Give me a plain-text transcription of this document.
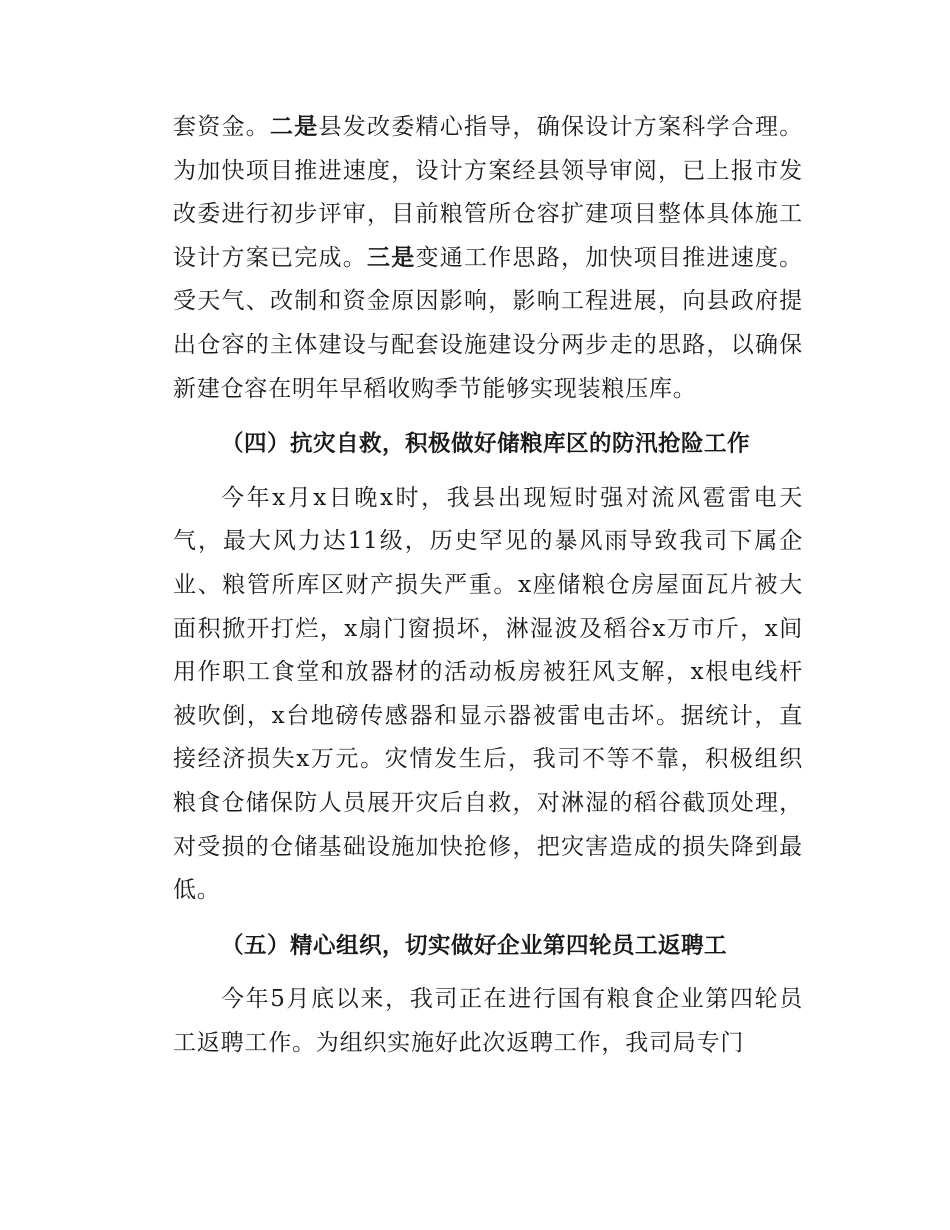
套资金。二是县发改委精心指导，确保设计方案科学合理。为加快项目推进速度，设计方案经县领导审阅，已上报市发改委进行初步评审，目前粮管所仓容扩建项目整体具体施工设计方案已完成。三是变通工作思路，加快项目推进速度。受天气、改制和资金原因影响，影响工程进展，向县政府提出仓容的主体建设与配套设施建设分两步走的思路，以确保新建仓容在明年早稻收购季节能够实现装粮压库。

（四）抗灾自救，积极做好储粮库区的防汛抢险工作

今年x月x日晚x时，我县出现短时强对流风雹雷电天气，最大风力达11级，历史罕见的暴风雨导致我司下属企业、粮管所库区财产损失严重。x座储粮仓房屋面瓦片被大面积掀开打烂，x扇门窗损坏，淋湿波及稻谷x万市斤，x间用作职工食堂和放器材的活动板房被狂风支解，x根电线杆被吹倒，x台地磅传感器和显示器被雷电击坏。据统计，直接经济损失x万元。灾情发生后，我司不等不靠，积极组织粮食仓储保防人员展开灾后自救，对淋湿的稻谷截顶处理，对受损的仓储基础设施加快抢修，把灾害造成的损失降到最低。

（五）精心组织，切实做好企业第四轮员工返聘工

今年5月底以来，我司正在进行国有粮食企业第四轮员工返聘工作。为组织实施好此次返聘工作，我司局专门
